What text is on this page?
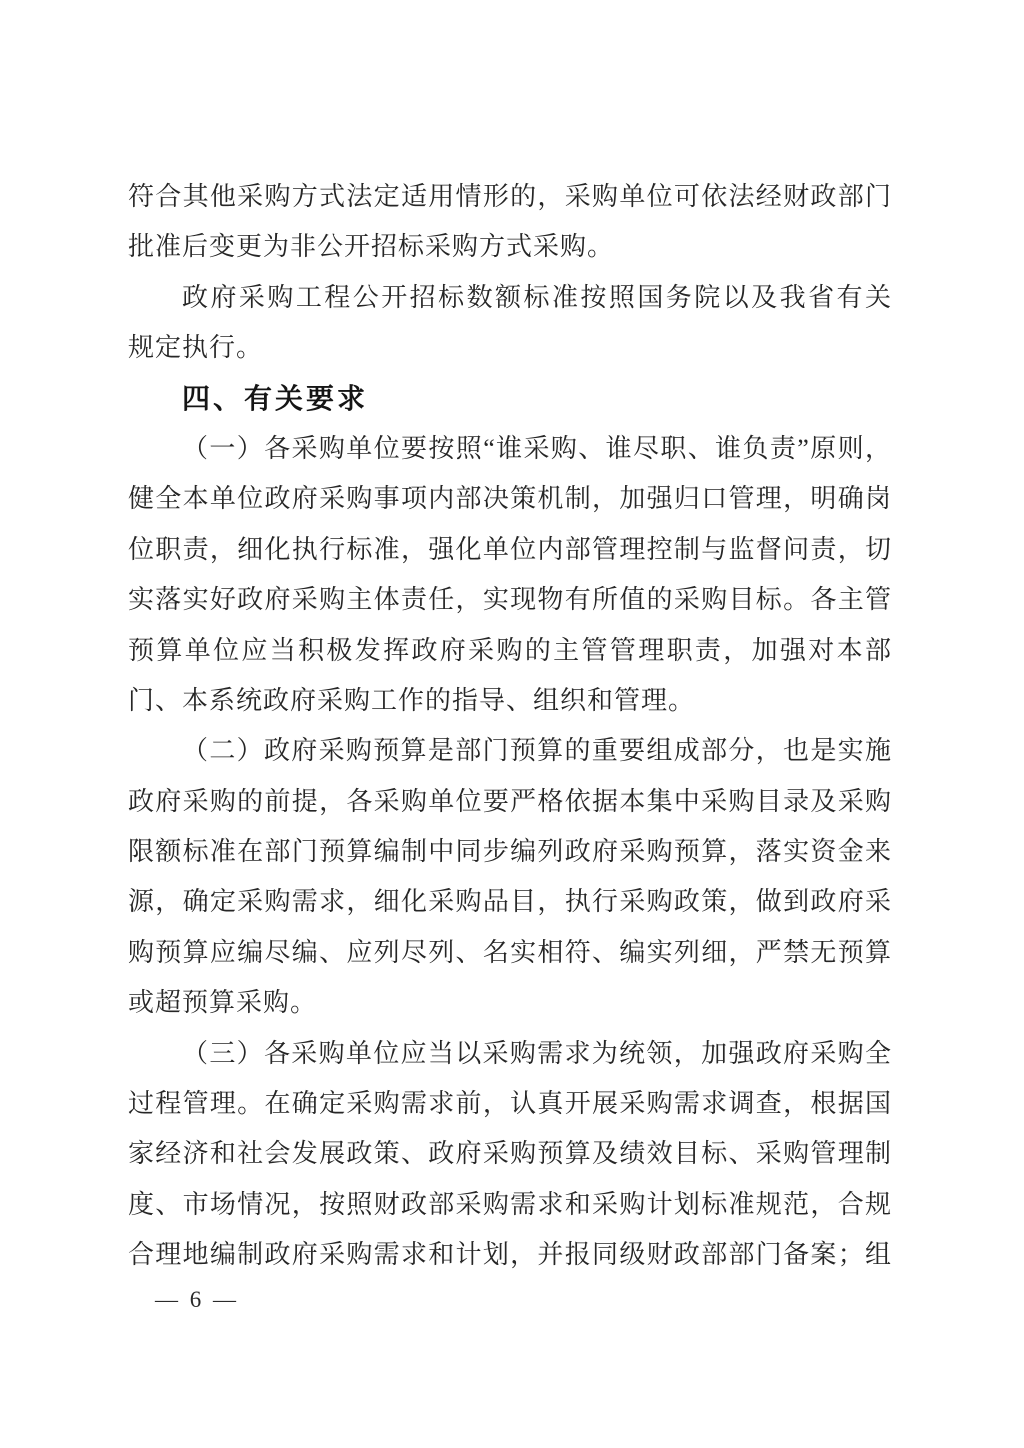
符合其他采购方式法定适用情形的，采购单位可依法经财政部门
批准后变更为非公开招标采购方式采购。
政府采购工程公开招标数额标准按照国务院以及我省有关
规定执行。
四、有关要求
（一）各采购单位要按照“谁采购、谁尽职、谁负责”原则，
健全本单位政府采购事项内部决策机制，加强归口管理，明确岗
位职责，细化执行标准，强化单位内部管理控制与监督问责，切
实落实好政府采购主体责任，实现物有所值的采购目标。各主管
预算单位应当积极发挥政府采购的主管管理职责，加强对本部
门、本系统政府采购工作的指导、组织和管理。
（二）政府采购预算是部门预算的重要组成部分，也是实施
政府采购的前提，各采购单位要严格依据本集中采购目录及采购
限额标准在部门预算编制中同步编列政府采购预算，落实资金来
源，确定采购需求，细化采购品目，执行采购政策，做到政府采
购预算应编尽编、应列尽列、名实相符、编实列细，严禁无预算
或超预算采购。
（三）各采购单位应当以采购需求为统领，加强政府采购全
过程管理。在确定采购需求前，认真开展采购需求调查，根据国
家经济和社会发展政策、政府采购预算及绩效目标、采购管理制
度、市场情况，按照财政部采购需求和采购计划标准规范，合规
合理地编制政府采购需求和计划，并报同级财政部部门备案；组
— 6 —
